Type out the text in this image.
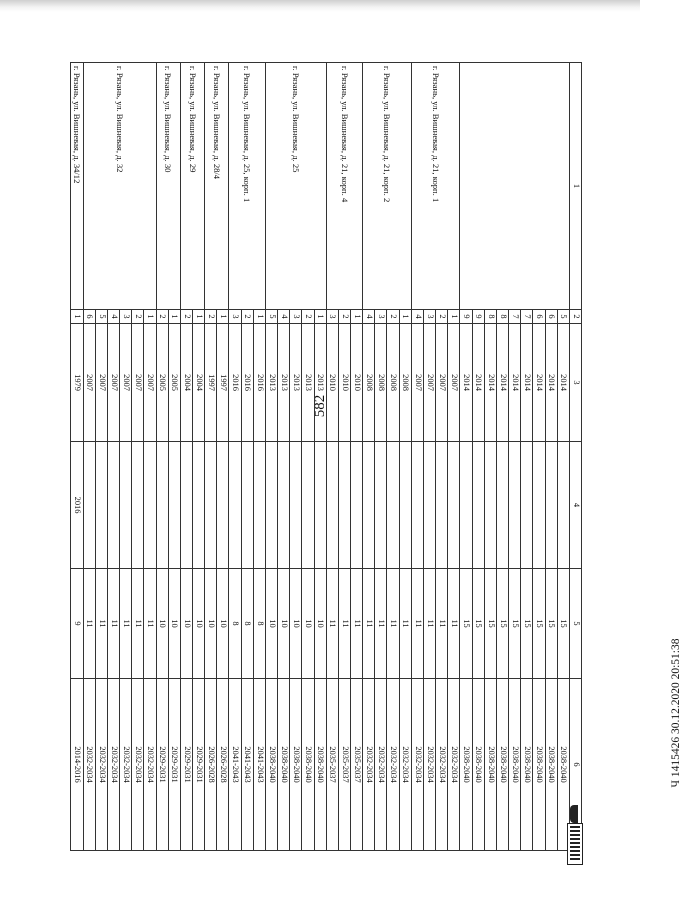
582
1	2	3	4	5	6
	5	2014		15	2038-2040
	6	2014		15	2038-2040
	6	2014		15	2038-2040
	7	2014		15	2038-2040
	7	2014		15	2038-2040
	8	2014		15	2038-2040
	8	2014		15	2038-2040
	9	2014		15	2038-2040
	9	2014		15	2038-2040
г. Рязань, ул. Вишневая, д. 21, корп. 1	1	2007		11	2032-2034
	2	2007		11	2032-2034
	3	2007		11	2032-2034
	4	2007		11	2032-2034
г. Рязань, ул. Вишневая, д. 21, корп. 2	1	2008		11	2032-2034
	2	2008		11	2032-2034
	3	2008		11	2032-2034
	4	2008		11	2032-2034
г. Рязань, ул. Вишневая, д. 21, корп. 4	1	2010		11	2035-2037
	2	2010		11	2035-2037
	3	2010		11	2035-2037
г. Рязань, ул. Вишневая, д. 25	1	2013		10	2038-2040
	2	2013		10	2038-2040
	3	2013		10	2038-2040
	4	2013		10	2038-2040
	5	2013		10	2038-2040
г. Рязань, ул. Вишневая, д. 25, корп. 1	1	2016		8	2041-2043
	2	2016		8	2041-2043
	3	2016		8	2041-2043
г. Рязань, ул. Вишневая, д. 28/4	1	1997		10	2026-2028
	2	1997		10	2026-2028
г. Рязань, ул. Вишневая, д. 29	1	2004		10	2029-2031
	2	2004		10	2029-2031
г. Рязань, ул. Вишневая, д. 30	1	2005		10	2029-2031
	2	2005		10	2029-2031
г. Рязань, ул. Вишневая, д. 32	1	2007		11	2032-2034
	2	2007		11	2032-2034
	3	2007		11	2032-2034
	4	2007		11	2032-2034
	5	2007		11	2032-2034
	6	2007		11	2032-2034
г. Рязань, ул. Вишневая, д. 34/12	1	1979	2016	9	2014-2016	Ч 1415426 30.12.2020 20:51:38
